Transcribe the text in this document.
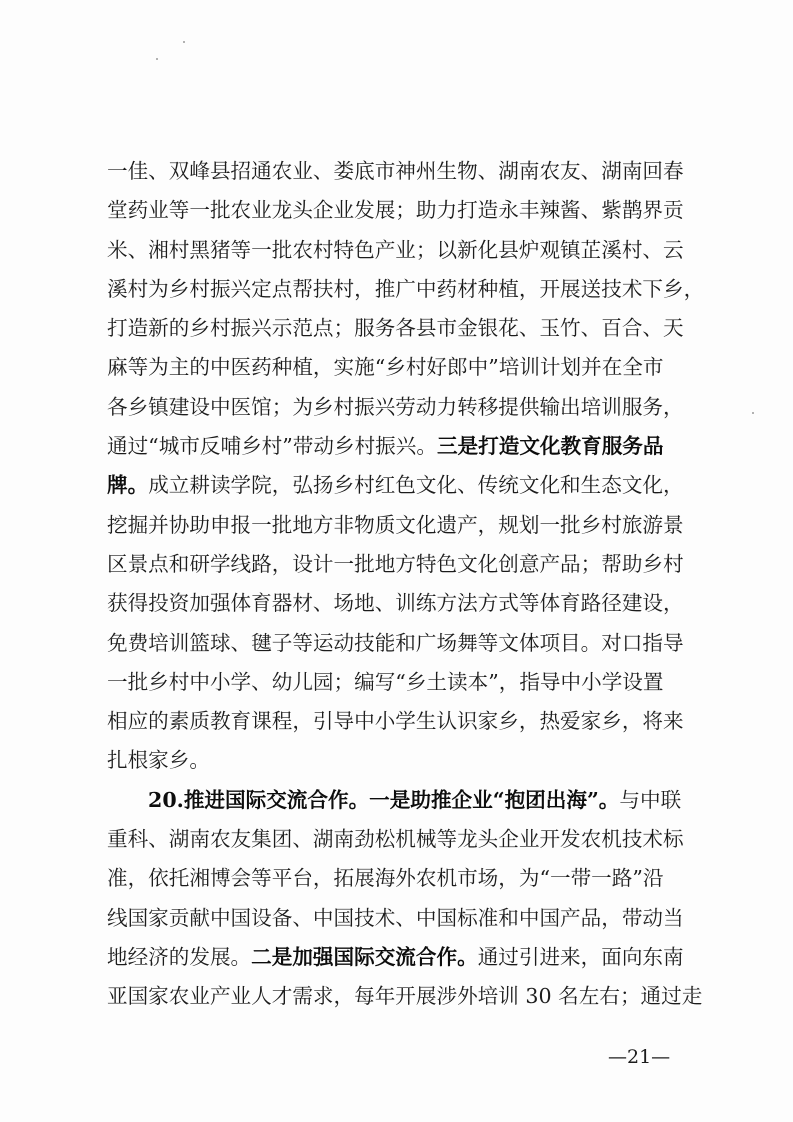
一佳、双峰县招通农业、娄底市神州生物、湖南农友、湖南回春
堂药业等一批农业龙头企业发展；助力打造永丰辣酱、紫鹊界贡
米、湘村黑猪等一批农村特色产业；以新化县炉观镇芷溪村、云
溪村为乡村振兴定点帮扶村，推广中药材种植，开展送技术下乡，
打造新的乡村振兴示范点；服务各县市金银花、玉竹、百合、天
麻等为主的中医药种植，实施“乡村好郎中”培训计划并在全市
各乡镇建设中医馆；为乡村振兴劳动力转移提供输出培训服务，
通过“城市反哺乡村”带动乡村振兴。三是打造文化教育服务品
牌。成立耕读学院，弘扬乡村红色文化、传统文化和生态文化，
挖掘并协助申报一批地方非物质文化遗产，规划一批乡村旅游景
区景点和研学线路，设计一批地方特色文化创意产品；帮助乡村
获得投资加强体育器材、场地、训练方法方式等体育路径建设，
免费培训篮球、毽子等运动技能和广场舞等文体项目。对口指导
一批乡村中小学、幼儿园；编写“乡土读本”，指导中小学设置
相应的素质教育课程，引导中小学生认识家乡，热爱家乡，将来
扎根家乡。
20.推进国际交流合作。一是助推企业“抱团出海”。与中联
重科、湖南农友集团、湖南劲松机械等龙头企业开发农机技术标
准，依托湘博会等平台，拓展海外农机市场，为“一带一路”沿
线国家贡献中国设备、中国技术、中国标准和中国产品，带动当
地经济的发展。二是加强国际交流合作。通过引进来，面向东南
亚国家农业产业人才需求，每年开展涉外培训 30 名左右；通过走
—21—
